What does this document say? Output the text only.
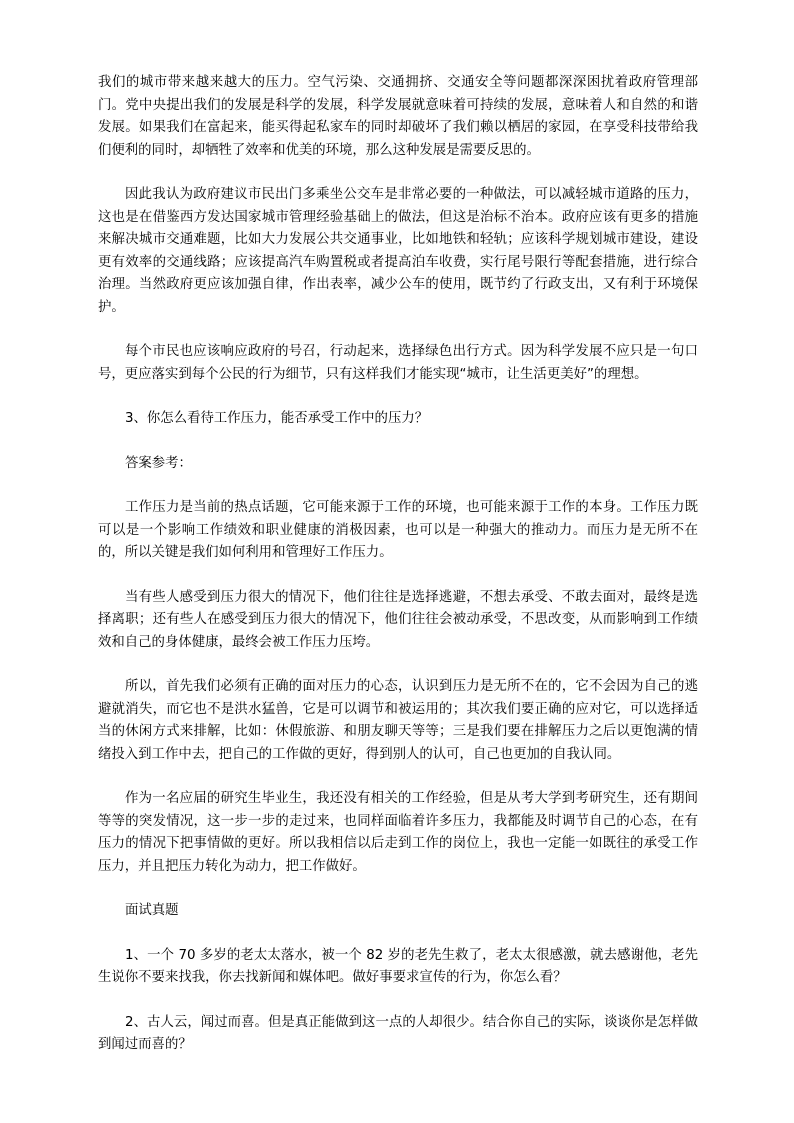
我们的城市带来越来越大的压力。空气污染、交通拥挤、交通安全等问题都深深困扰着政府管理部门。党中央提出我们的发展是科学的发展，科学发展就意味着可持续的发展，意味着人和自然的和谐发展。如果我们在富起来，能买得起私家车的同时却破坏了我们赖以栖居的家园，在享受科技带给我们便利的同时，却牺牲了效率和优美的环境，那么这种发展是需要反思的。

因此我认为政府建议市民出门多乘坐公交车是非常必要的一种做法，可以减轻城市道路的压力，这也是在借鉴西方发达国家城市管理经验基础上的做法，但这是治标不治本。政府应该有更多的措施来解决城市交通难题，比如大力发展公共交通事业，比如地铁和轻轨；应该科学规划城市建设，建设更有效率的交通线路；应该提高汽车购置税或者提高泊车收费，实行尾号限行等配套措施，进行综合治理。当然政府更应该加强自律，作出表率，减少公车的使用，既节约了行政支出，又有利于环境保护。

每个市民也应该响应政府的号召，行动起来，选择绿色出行方式。因为科学发展不应只是一句口号，更应落实到每个公民的行为细节，只有这样我们才能实现“城市，让生活更美好”的理想。

3、你怎么看待工作压力，能否承受工作中的压力？

答案参考：

工作压力是当前的热点话题，它可能来源于工作的环境，也可能来源于工作的本身。工作压力既可以是一个影响工作绩效和职业健康的消极因素，也可以是一种强大的推动力。而压力是无所不在的，所以关键是我们如何利用和管理好工作压力。

当有些人感受到压力很大的情况下，他们往往是选择逃避，不想去承受、不敢去面对，最终是选择离职；还有些人在感受到压力很大的情况下，他们往往会被动承受，不思改变，从而影响到工作绩效和自己的身体健康，最终会被工作压力压垮。

所以，首先我们必须有正确的面对压力的心态，认识到压力是无所不在的，它不会因为自己的逃避就消失，而它也不是洪水猛兽，它是可以调节和被运用的；其次我们要正确的应对它，可以选择适当的休闲方式来排解，比如：休假旅游、和朋友聊天等等；三是我们要在排解压力之后以更饱满的情绪投入到工作中去，把自己的工作做的更好，得到别人的认可，自己也更加的自我认同。

作为一名应届的研究生毕业生，我还没有相关的工作经验，但是从考大学到考研究生，还有期间等等的突发情况，这一步一步的走过来，也同样面临着许多压力，我都能及时调节自己的心态，在有压力的情况下把事情做的更好。所以我相信以后走到工作的岗位上，我也一定能一如既往的承受工作压力，并且把压力转化为动力，把工作做好。

面试真题

1、一个 70 多岁的老太太落水，被一个 82 岁的老先生救了，老太太很感激，就去感谢他，老先生说你不要来找我，你去找新闻和媒体吧。做好事要求宣传的行为，你怎么看？

2、古人云，闻过而喜。但是真正能做到这一点的人却很少。结合你自己的实际，谈谈你是怎样做到闻过而喜的？
